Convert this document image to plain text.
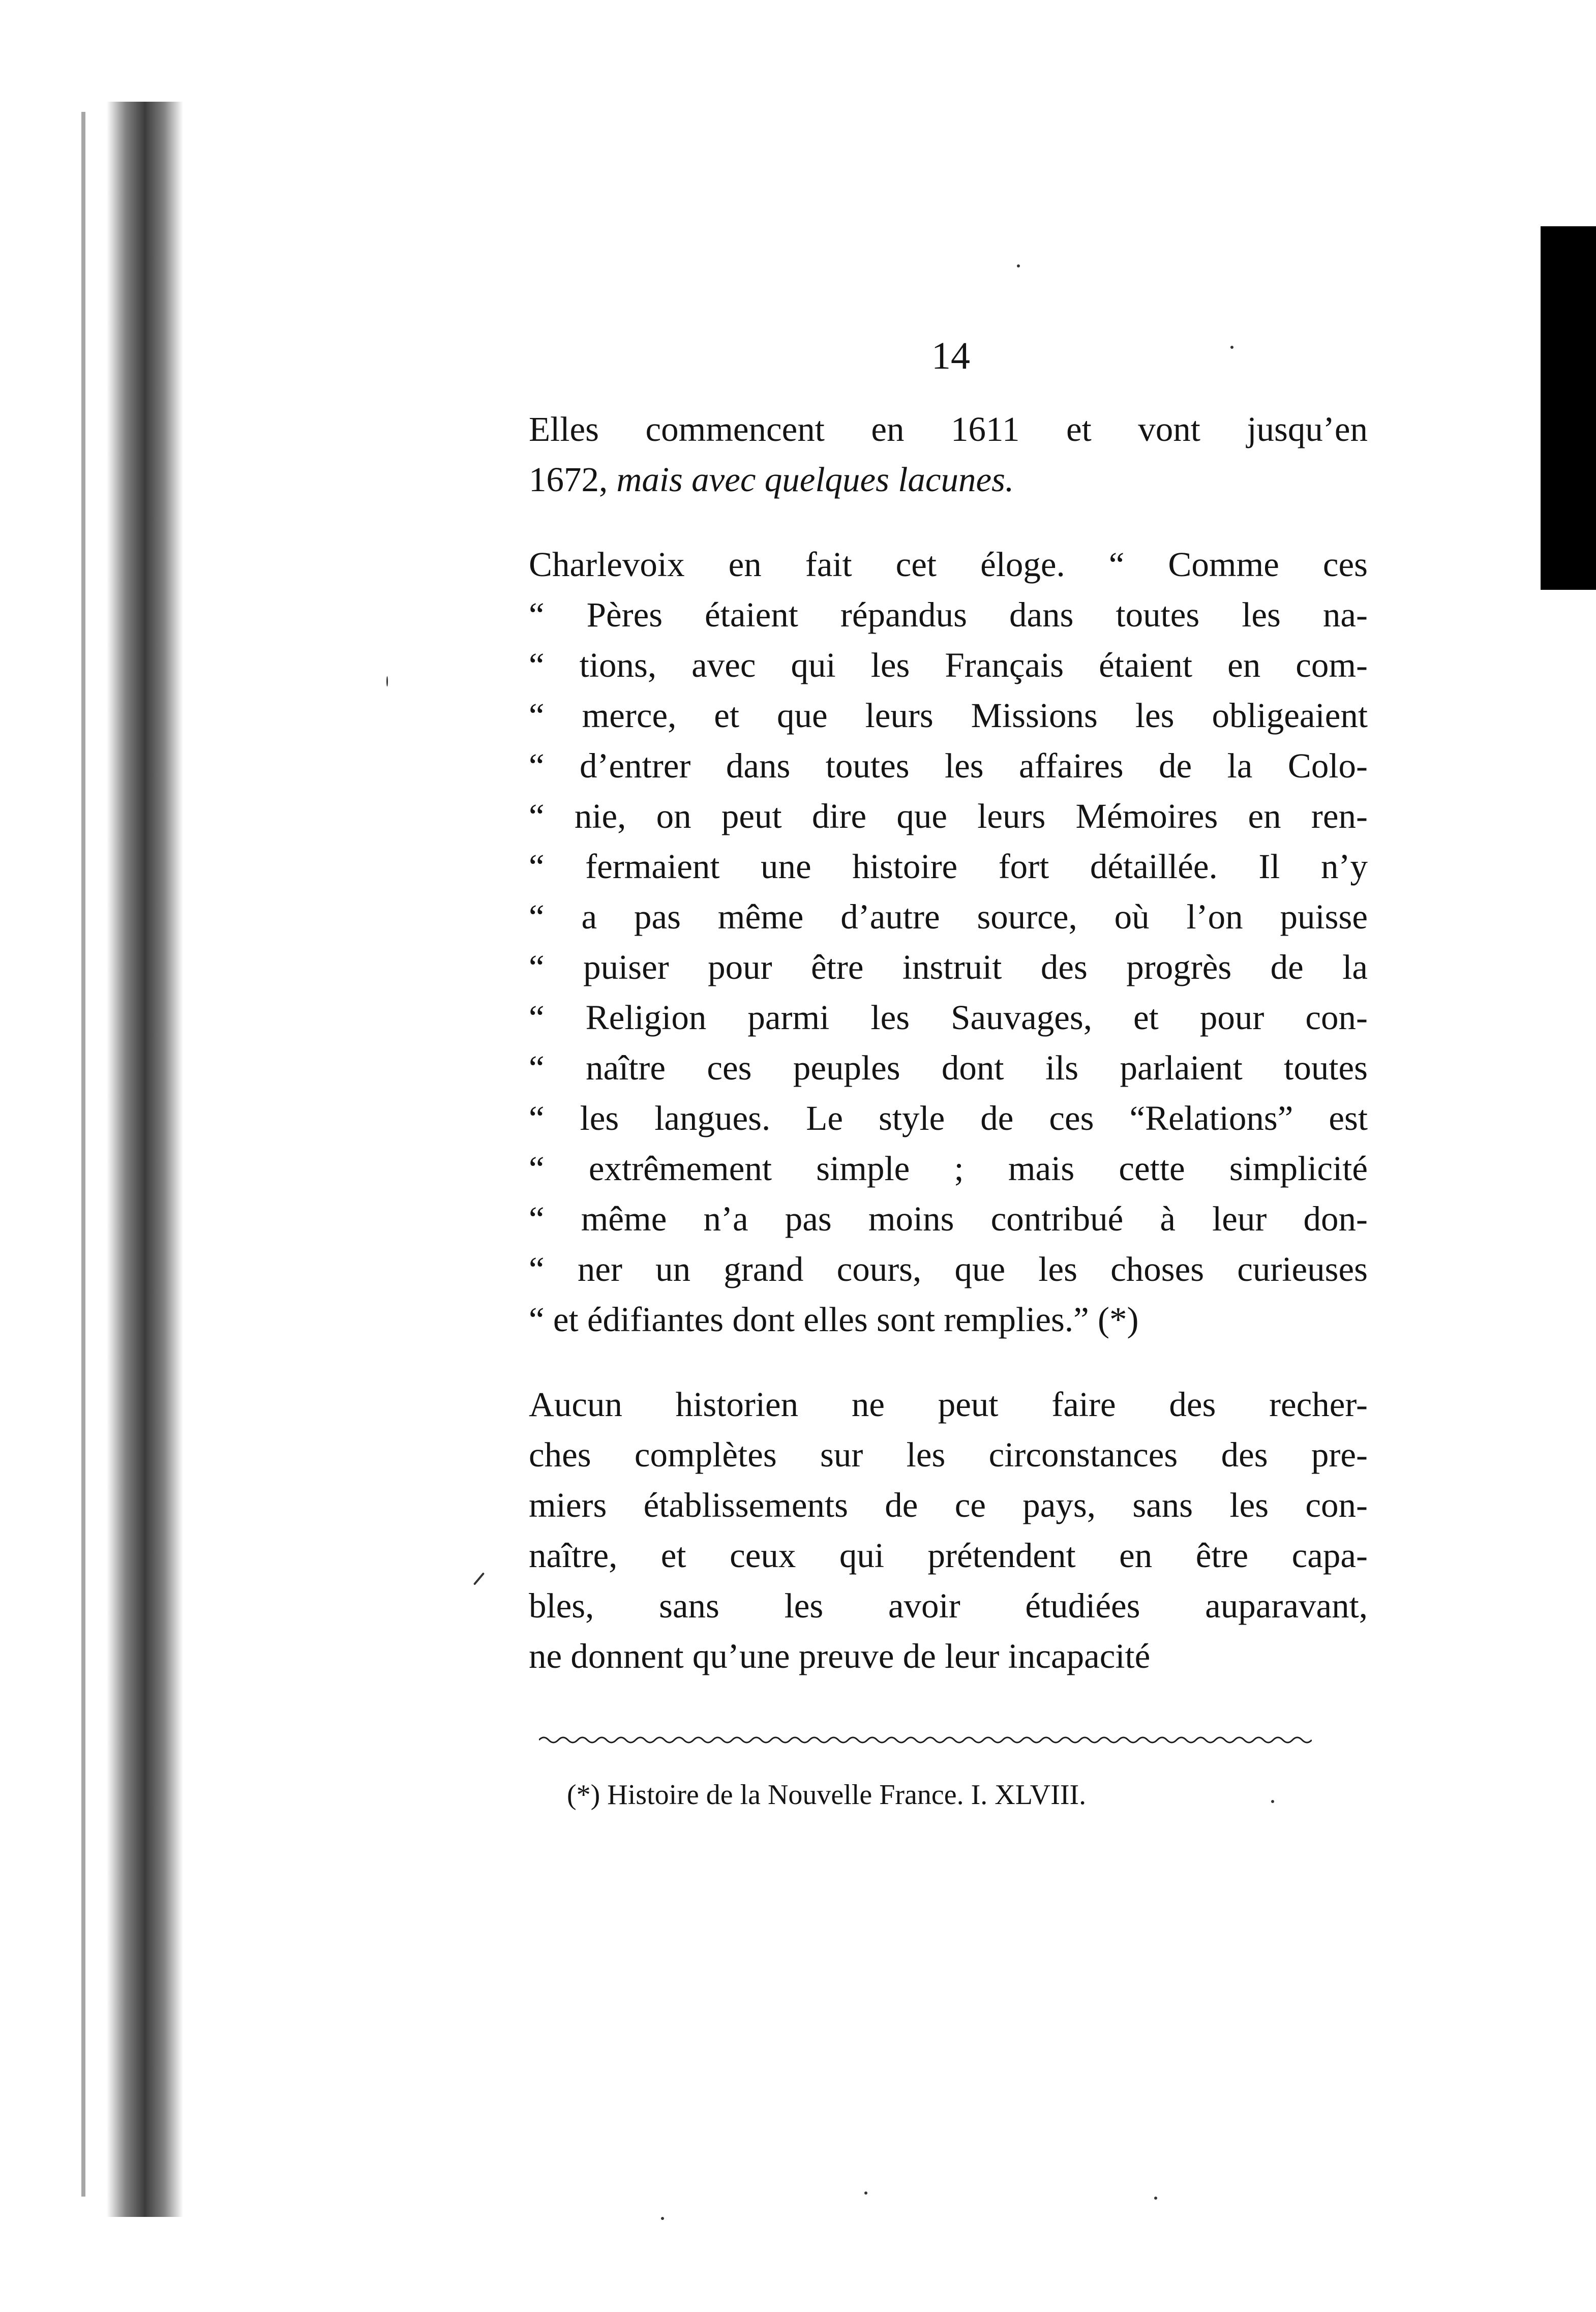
14

Elles commencent en 1611 et vont jusqu’en
1672, mais avec quelques lacunes.

Charlevoix en fait cet éloge. “ Comme ces
“ Pères étaient répandus dans toutes les na-
“ tions, avec qui les Français étaient en com-
“ merce, et que leurs Missions les obligeaient
“ d’entrer dans toutes les affaires de la Colo-
“ nie, on peut dire que leurs Mémoires en ren-
“ fermaient une histoire fort détaillée. Il n’y
“ a pas même d’autre source, où l’on puisse
“ puiser pour être instruit des progrès de la
“ Religion parmi les Sauvages, et pour con-
“ naître ces peuples dont ils parlaient toutes
“ les langues. Le style de ces “Relations” est
“ extrêmement simple ; mais cette simplicité
“ même n’a pas moins contribué à leur don-
“ ner un grand cours, que les choses curieuses
“ et édifiantes dont elles sont remplies.” (*)

Aucun historien ne peut faire des recher-
ches complètes sur les circonstances des pre-
miers établissements de ce pays, sans les con-
naître, et ceux qui prétendent en être capa-
bles, sans les avoir étudiées auparavant,
ne donnent qu’une preuve de leur incapacité

(*) Histoire de la Nouvelle France. I. XLVIII.
